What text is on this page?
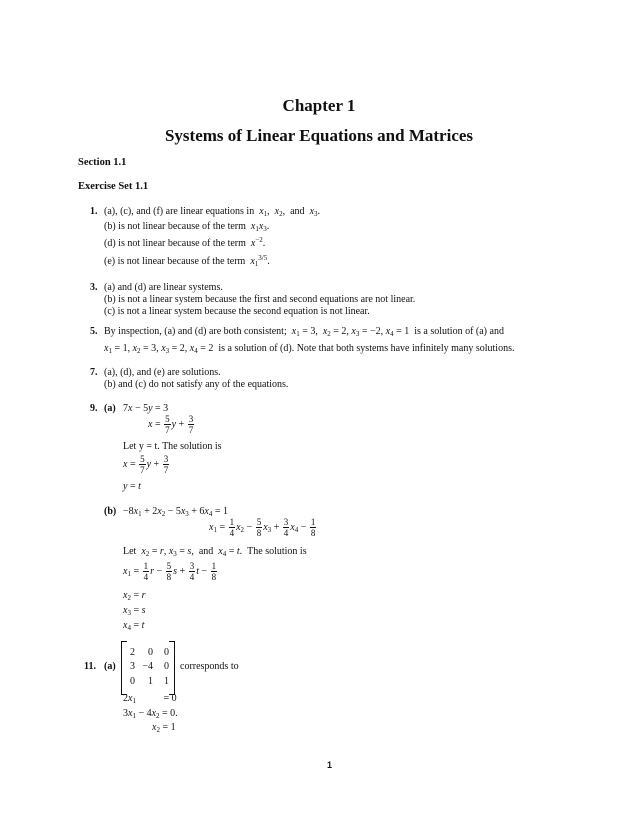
Chapter 1
Systems of Linear Equations and Matrices
Section 1.1
Exercise Set 1.1
1. (a), (c), and (f) are linear equations in $x_1$,  $x_2$,  and $x_3$.
(b) is not linear because of the term $x_1x_3$.
(d) is not linear because of the term $x^{-2}$.
(e) is not linear because of the term $x_1^{3/5}$.
3. (a) and (d) are linear systems.
(b) is not a linear system because the first and second equations are not linear.
(c) is not a linear system because the second equation is not linear.
5. By inspection, (a) and (d) are both consistent; $x_1 = 3$,  $x_2 = 2$, $x_3 = -2$, $x_4 = 1$  is a solution of (a) and
$x_1 = 1$, $x_2 = 3$, $x_3 = 2$, $x_4 = 2$  is a solution of (d). Note that both systems have infinitely many solutions.
7. (a), (d), and (e) are solutions.
(b) and (c) do not satisfy any of the equations.
9. (a) 7x − 5y = 3
$x = \frac{5}{7}$ $y + \frac{3}{7}$
Let y = t. The solution is
$x = \frac{5}{7}$ $y + \frac{3}{7}$
y = t
$(b) -8x_1 + 2x_2 - 5x_3 + 6x_4 = 1$
$x_1 = \frac{1}{4} x_2 - \frac{5}{8} x_3 + \frac{3}{4} x_4 - \frac{1}{8}$
Let $x_2 = r$, $x_3 = s$,  and $x_4 = t$.  The solution is
$x_1 = \frac{1}{4}$ $r - \frac{5}{8}$ $s + \frac{3}{4}$ $t - \frac{1}{8}$
$x_2 = r$
$x_3 = s$
$x_4 = t$
11. (a)
2	0	0
3 −4	0
0	1	1
corresponds to
$2x_1$           = 0
$3x_1 - 4x_2 = 0$.
$x_2 = 1$
1
